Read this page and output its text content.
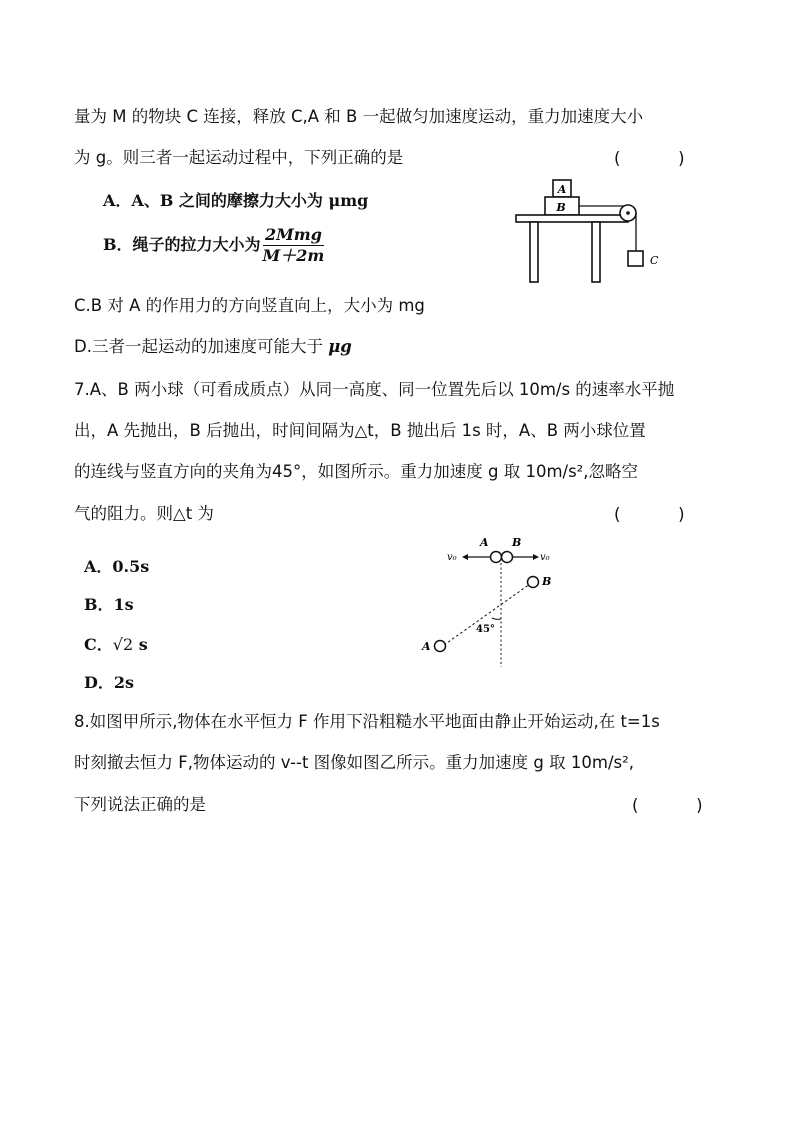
量为 M 的物块 C 连接，释放 C,A 和 B 一起做匀加速度运动，重力加速度大小
为 g。则三者一起运动过程中，下列正确的是	(           )
A．A、B 之间的摩擦力大小为 μmg
B．绳子的拉力大小为 $\frac{\text{2Mmg}}{M+2m}$
C.B 对 A 的作用力的方向竖直向上，大小为 mg
D.三者一起运动的加速度可能大于 μg
A
B
C
7.A、B 两小球（可看成质点）从同一高度、同一位置先后以 10m/s 的速率水平抛
出，A 先抛出，B 后抛出，时间间隔为△t，B 抛出后 1s 时，A、B 两小球位置
的连线与竖直方向的夹角为45°，如图所示。重力加速度 g 取 10m/s²,忽略空
气的阻力。则△t 为	(           )
A．0.5s
B．1s
C．√2 s
D．2s
A B
v₀	v₀
B
A
45°
8.如图甲所示,物体在水平恒力 F 作用下沿粗糙水平地面由静止开始运动,在 t=1s
时刻撤去恒力 F,物体运动的 v--t 图像如图乙所示。重力加速度 g 取 10m/s²,
下列说法正确的是	(           )
